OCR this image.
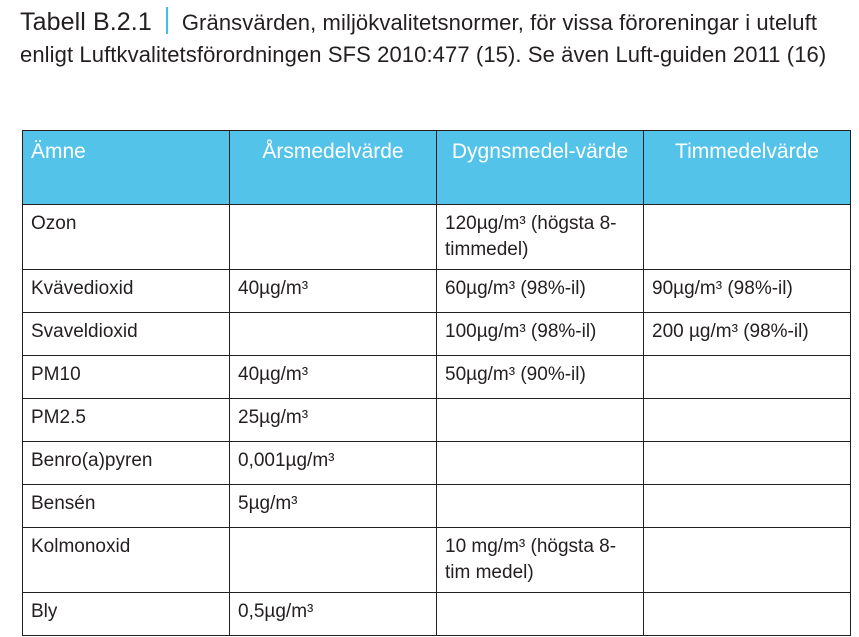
Tabell B.2.1 Gränsvärden, miljökvalitetsnormer, för vissa föroreningar i uteluft enligt Luftkvalitetsförordningen SFS 2010:477 (15). Se även Luft-guiden 2011 (16)
Ämne	Årsmedelvärde	Dygnsmedel-värde	Timmedelvärde
Ozon		120µg/m³ (högsta 8-timmedel)	
Kvävedioxid	40µg/m³	60µg/m³ (98%-il)	90µg/m³ (98%-il)
Svaveldioxid		100µg/m³ (98%-il)	200 µg/m³ (98%-il)
PM10	40µg/m³	50µg/m³ (90%-il)	
PM2.5	25µg/m³		
Benro(a)pyren	0,001µg/m³		
Bensén	5µg/m³		
Kolmonoxid		10 mg/m³ (högsta 8-tim medel)	
Bly	0,5µg/m³		
